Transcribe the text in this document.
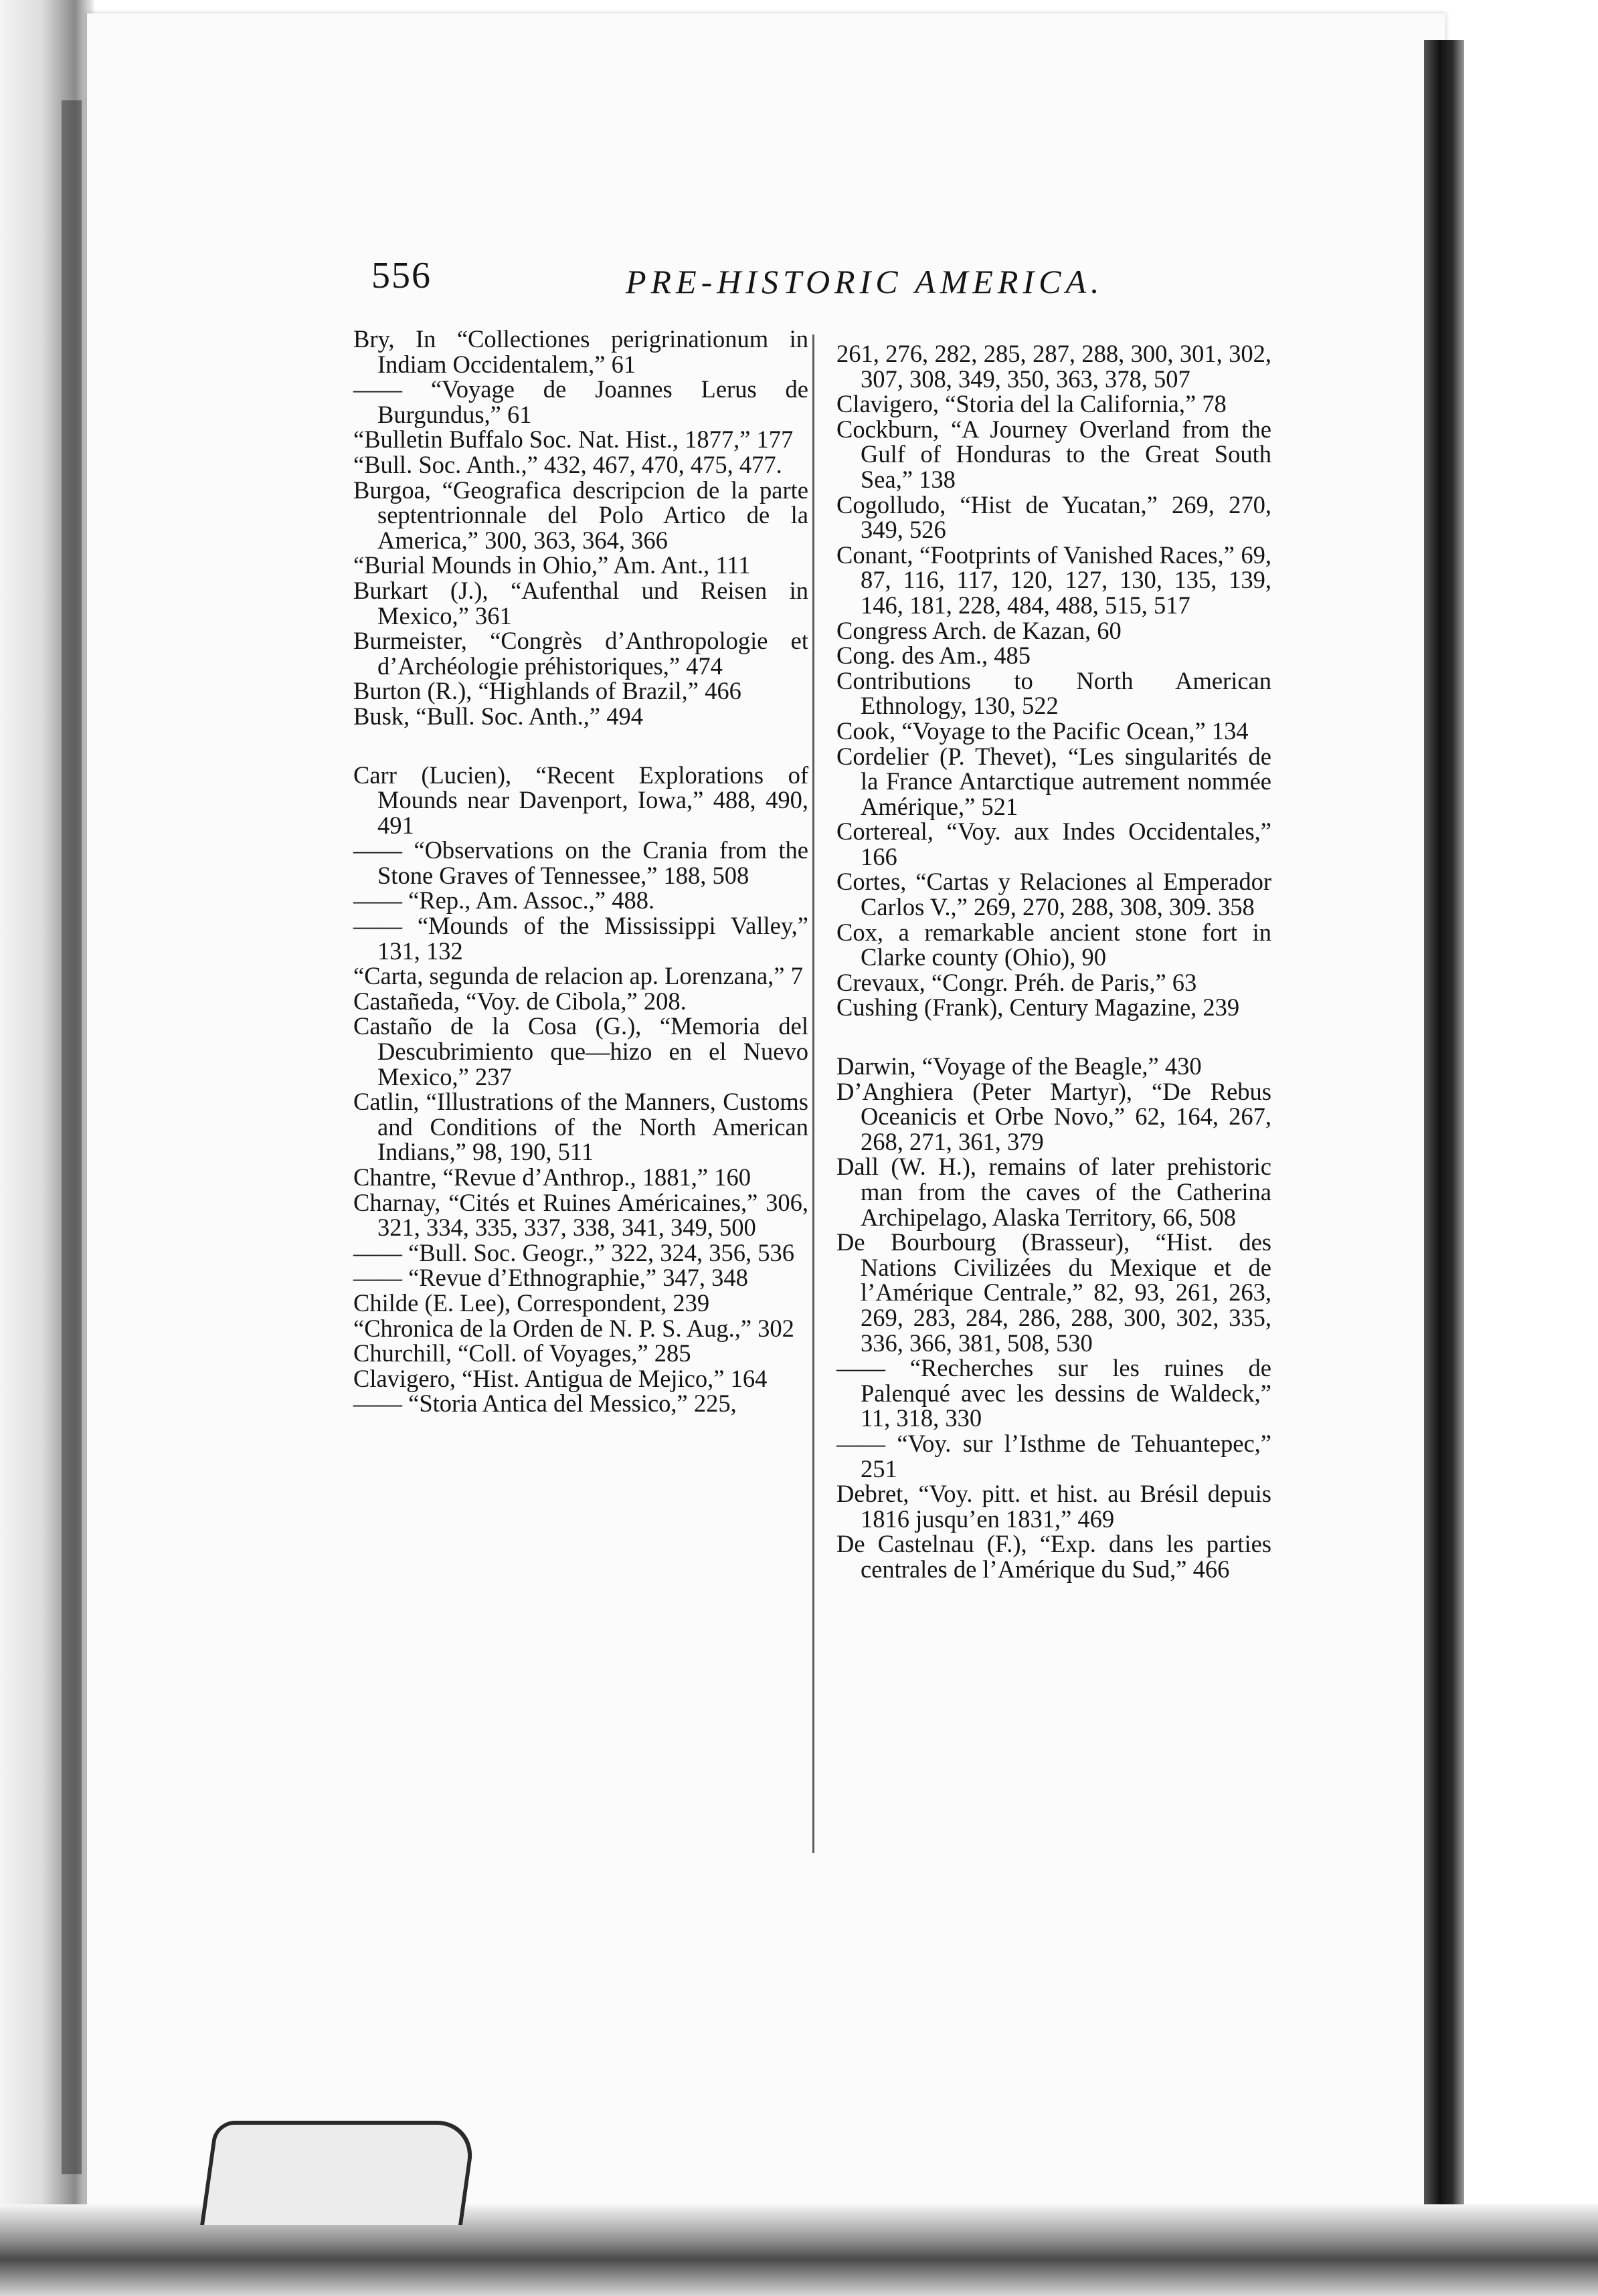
556	PRE-HISTORIC AMERICA.

Bry, In “Collectiones perigrinationum in Indiam Occidentalem,” 61

—— “Voyage de Joannes Lerus de Burgundus,” 61

“Bulletin Buffalo Soc. Nat. Hist., 1877,” 177

“Bull. Soc. Anth.,” 432, 467, 470, 475, 477.

Burgoa, “Geografica descripcion de la parte septentrionnale del Polo Artico de la America,” 300, 363, 364, 366

“Burial Mounds in Ohio,” Am. Ant., 111

Burkart (J.), “Aufenthal und Reisen in Mexico,” 361

Burmeister, “Congrès d’Anthropologie et d’Archéologie préhistoriques,” 474

Burton (R.), “Highlands of Brazil,” 466

Busk, “Bull. Soc. Anth.,” 494

Carr (Lucien), “Recent Explorations of Mounds near Davenport, Iowa,” 488, 490, 491

—— “Observations on the Crania from the Stone Graves of Tennessee,” 188, 508

—— “Rep., Am. Assoc.,” 488.

—— “Mounds of the Mississippi Valley,” 131, 132

“Carta, segunda de relacion ap. Lorenzana,” 7

Castañeda, “Voy. de Cibola,” 208.

Castaño de la Cosa (G.), “Memoria del Descubrimiento que—hizo en el Nuevo Mexico,” 237

Catlin, “Illustrations of the Manners, Customs and Conditions of the North American Indians,” 98, 190, 511

Chantre, “Revue d’Anthrop., 1881,” 160

Charnay, “Cités et Ruines Américaines,” 306, 321, 334, 335, 337, 338, 341, 349, 500

—— “Bull. Soc. Geogr.,” 322, 324, 356, 536

—— “Revue d’Ethnographie,” 347, 348

Childe (E. Lee), Correspondent, 239

“Chronica de la Orden de N. P. S. Aug.,” 302

Churchill, “Coll. of Voyages,” 285

Clavigero, “Hist. Antigua de Mejico,” 164

—— “Storia Antica del Messico,” 225,

261, 276, 282, 285, 287, 288, 300, 301, 302, 307, 308, 349, 350, 363, 378, 507

Clavigero, “Storia del la California,” 78

Cockburn, “A Journey Overland from the Gulf of Honduras to the Great South Sea,” 138

Cogolludo, “Hist de Yucatan,” 269, 270, 349, 526

Conant, “Footprints of Vanished Races,” 69, 87, 116, 117, 120, 127, 130, 135, 139, 146, 181, 228, 484, 488, 515, 517

Congress Arch. de Kazan, 60

Cong. des Am., 485

Contributions to North American Ethnology, 130, 522

Cook, “Voyage to the Pacific Ocean,” 134

Cordelier (P. Thevet), “Les singularités de la France Antarctique autrement nommée Amérique,” 521

Cortereal, “Voy. aux Indes Occidentales,” 166

Cortes, “Cartas y Relaciones al Emperador Carlos V.,” 269, 270, 288, 308, 309. 358

Cox, a remarkable ancient stone fort in Clarke county (Ohio), 90

Crevaux, “Congr. Préh. de Paris,” 63

Cushing (Frank), Century Magazine, 239

Darwin, “Voyage of the Beagle,” 430

D’Anghiera (Peter Martyr), “De Rebus Oceanicis et Orbe Novo,” 62, 164, 267, 268, 271, 361, 379

Dall (W. H.), remains of later prehistoric man from the caves of the Catherina Archipelago, Alaska Territory, 66, 508

De Bourbourg (Brasseur), “Hist. des Nations Civilizées du Mexique et de l’Amérique Centrale,” 82, 93, 261, 263, 269, 283, 284, 286, 288, 300, 302, 335, 336, 366, 381, 508, 530

—— “Recherches sur les ruines de Palenqué avec les dessins de Waldeck,” 11, 318, 330

—— “Voy. sur l’Isthme de Tehuantepec,” 251

Debret, “Voy. pitt. et hist. au Brésil depuis 1816 jusqu’en 1831,” 469

De Castelnau (F.), “Exp. dans les parties centrales de l’Amérique du Sud,” 466
